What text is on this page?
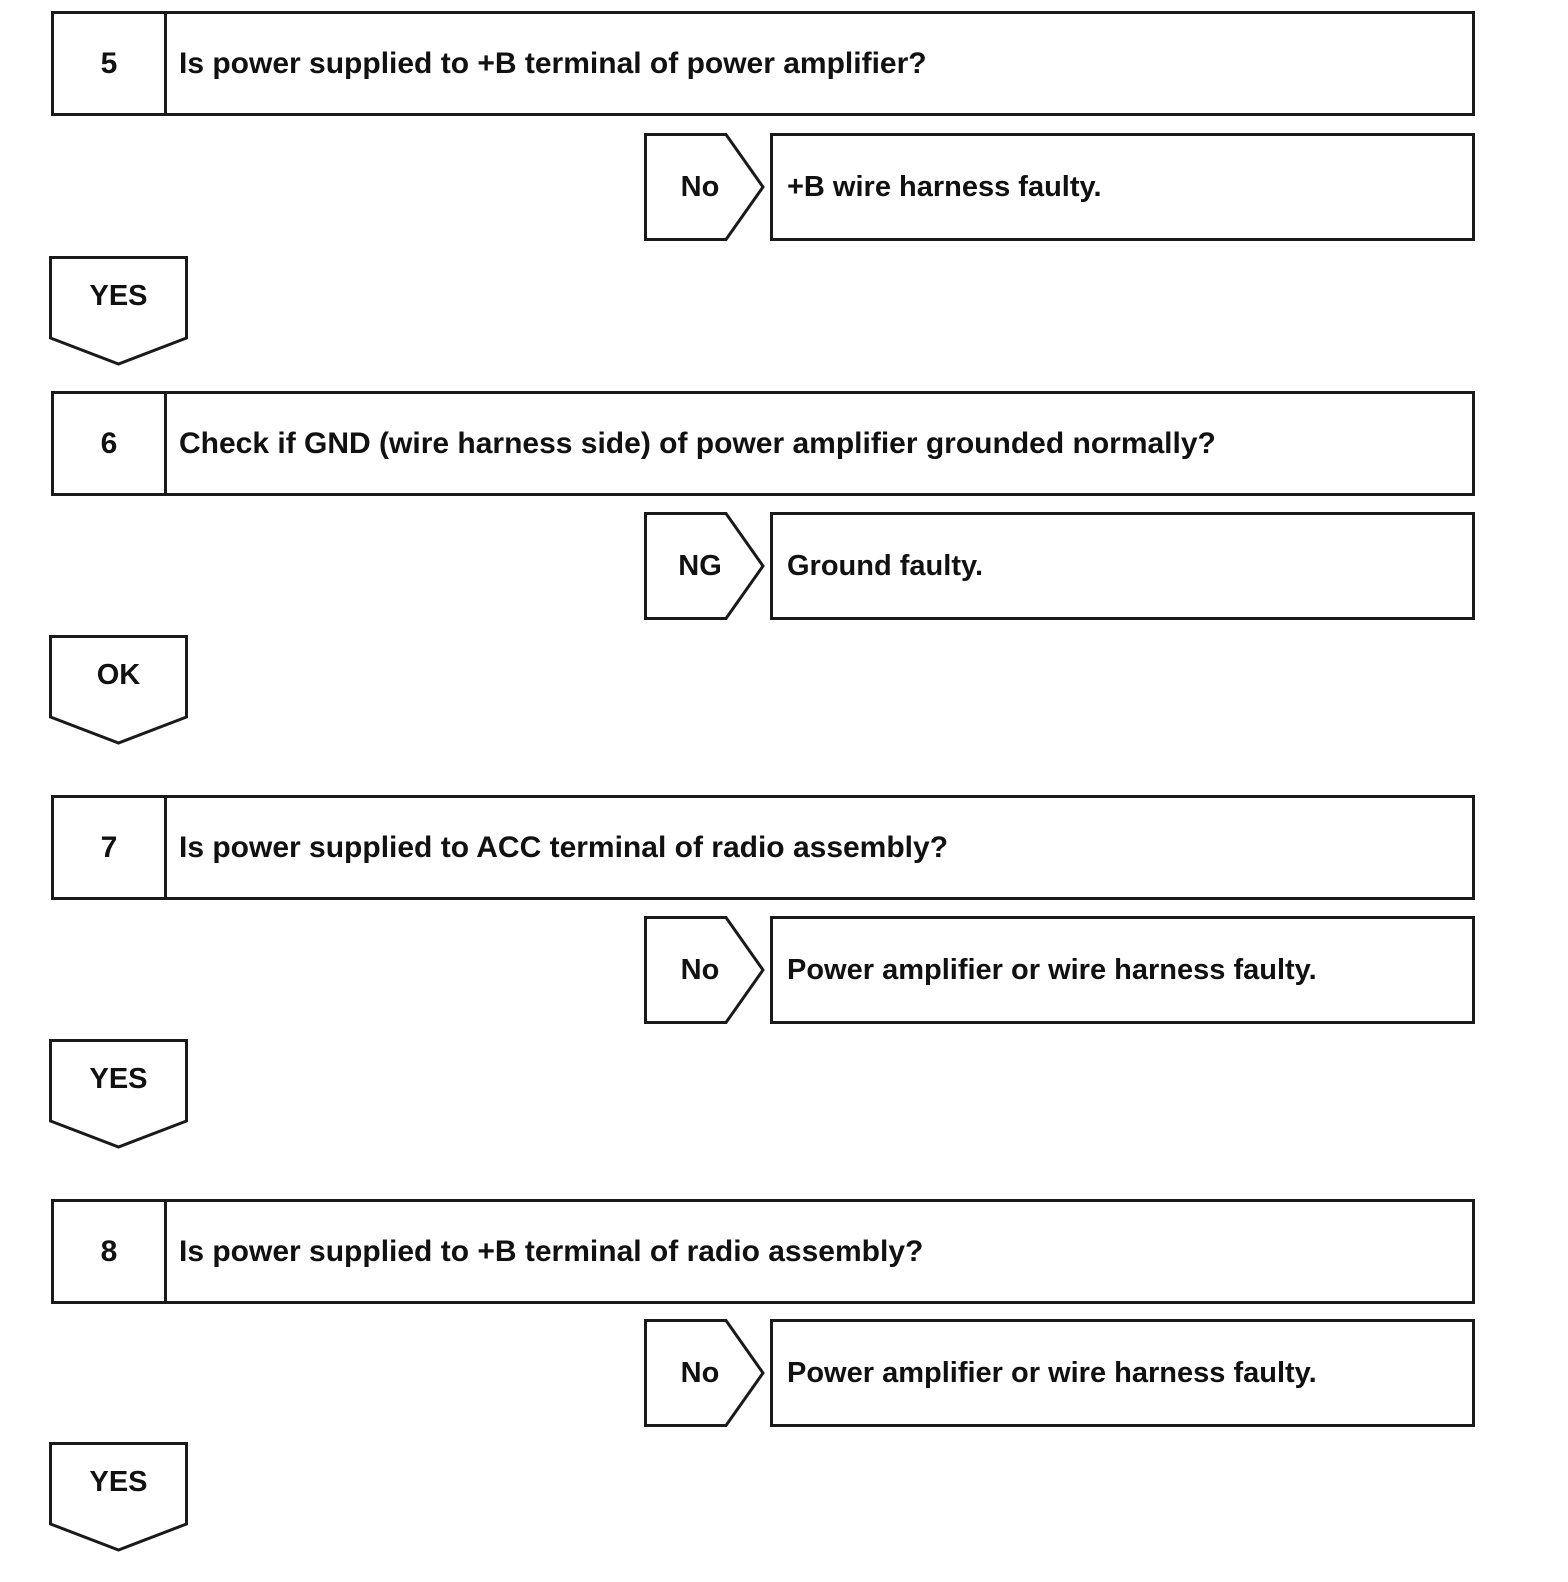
5	Is power supplied to +B terminal of power amplifier?
No	+B wire harness faulty.
YES
6	Check if GND (wire harness side) of power amplifier grounded normally?
NG	Ground faulty.
OK
7	Is power supplied to ACC terminal of radio assembly?
No	Power amplifier or wire harness faulty.
YES
8	Is power supplied to +B terminal of radio assembly?
No	Power amplifier or wire harness faulty.
YES
